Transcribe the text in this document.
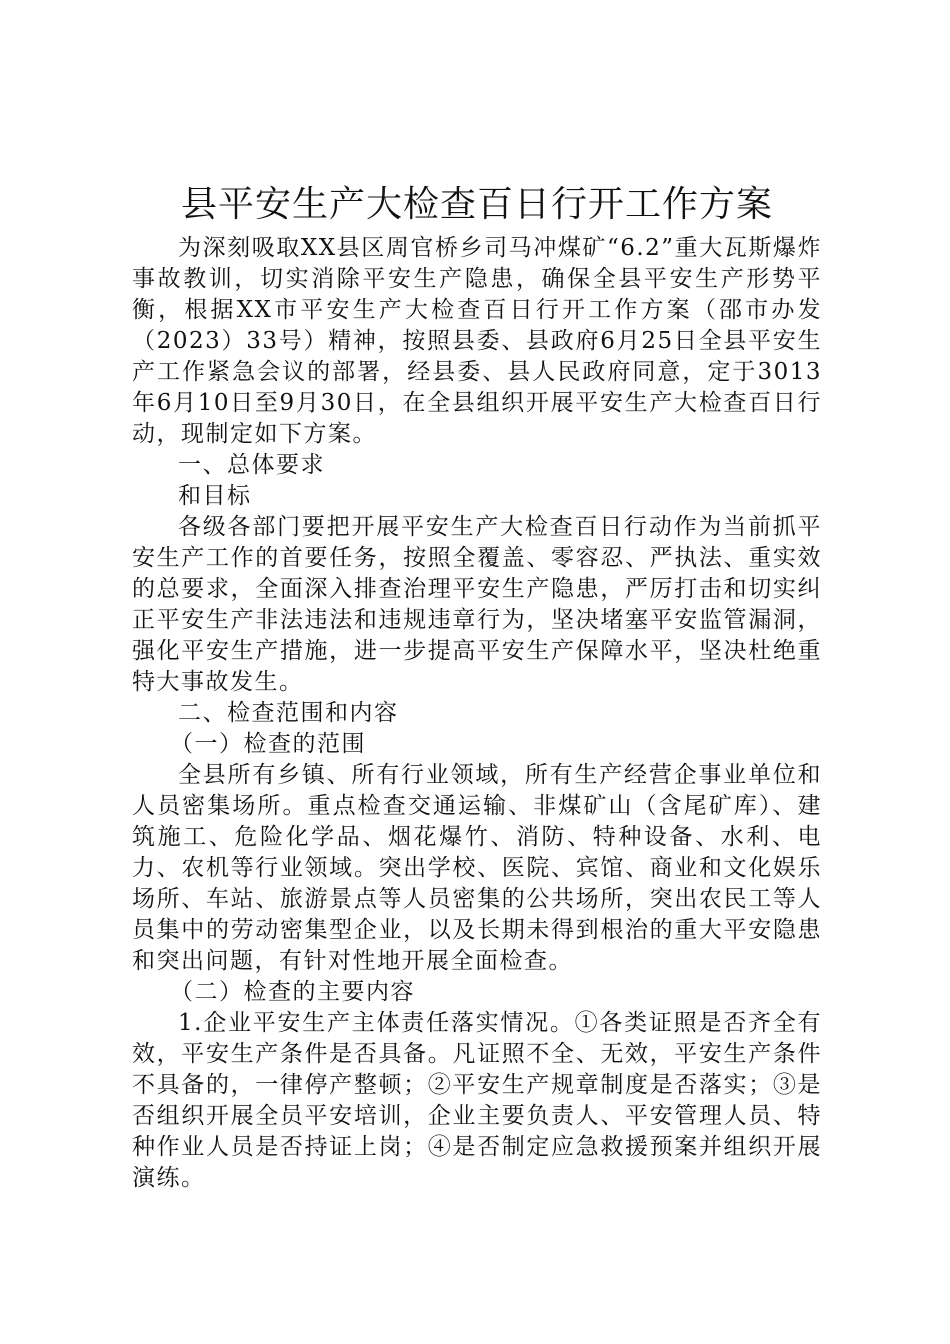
县平安生产大检查百日行开工作方案

为深刻吸取XX县区周官桥乡司马冲煤矿“6.2”重大瓦斯爆炸事故教训，切实消除平安生产隐患，确保全县平安生产形势平衡，根据XX市平安生产大检查百日行开工作方案（邵市办发（2023）33号）精神，按照县委、县政府6月25日全县平安生产工作紧急会议的部署，经县委、县人民政府同意，定于3013年6月10日至9月30日，在全县组织开展平安生产大检查百日行动，现制定如下方案。

一、总体要求

和目标

各级各部门要把开展平安生产大检查百日行动作为当前抓平安生产工作的首要任务，按照全覆盖、零容忍、严执法、重实效的总要求，全面深入排查治理平安生产隐患，严厉打击和切实纠正平安生产非法违法和违规违章行为，坚决堵塞平安监管漏洞，强化平安生产措施，进一步提高平安生产保障水平，坚决杜绝重特大事故发生。

二、检查范围和内容

（一）检查的范围

全县所有乡镇、所有行业领域，所有生产经营企事业单位和人员密集场所。重点检查交通运输、非煤矿山（含尾矿库）、建筑施工、危险化学品、烟花爆竹、消防、特种设备、水利、电力、农机等行业领域。突出学校、医院、宾馆、商业和文化娱乐场所、车站、旅游景点等人员密集的公共场所，突出农民工等人员集中的劳动密集型企业，以及长期未得到根治的重大平安隐患和突出问题，有针对性地开展全面检查。

（二）检查的主要内容

1.企业平安生产主体责任落实情况。①各类证照是否齐全有效，平安生产条件是否具备。凡证照不全、无效，平安生产条件不具备的，一律停产整顿；②平安生产规章制度是否落实；③是否组织开展全员平安培训，企业主要负责人、平安管理人员、特种作业人员是否持证上岗；④是否制定应急救援预案并组织开展演练。
